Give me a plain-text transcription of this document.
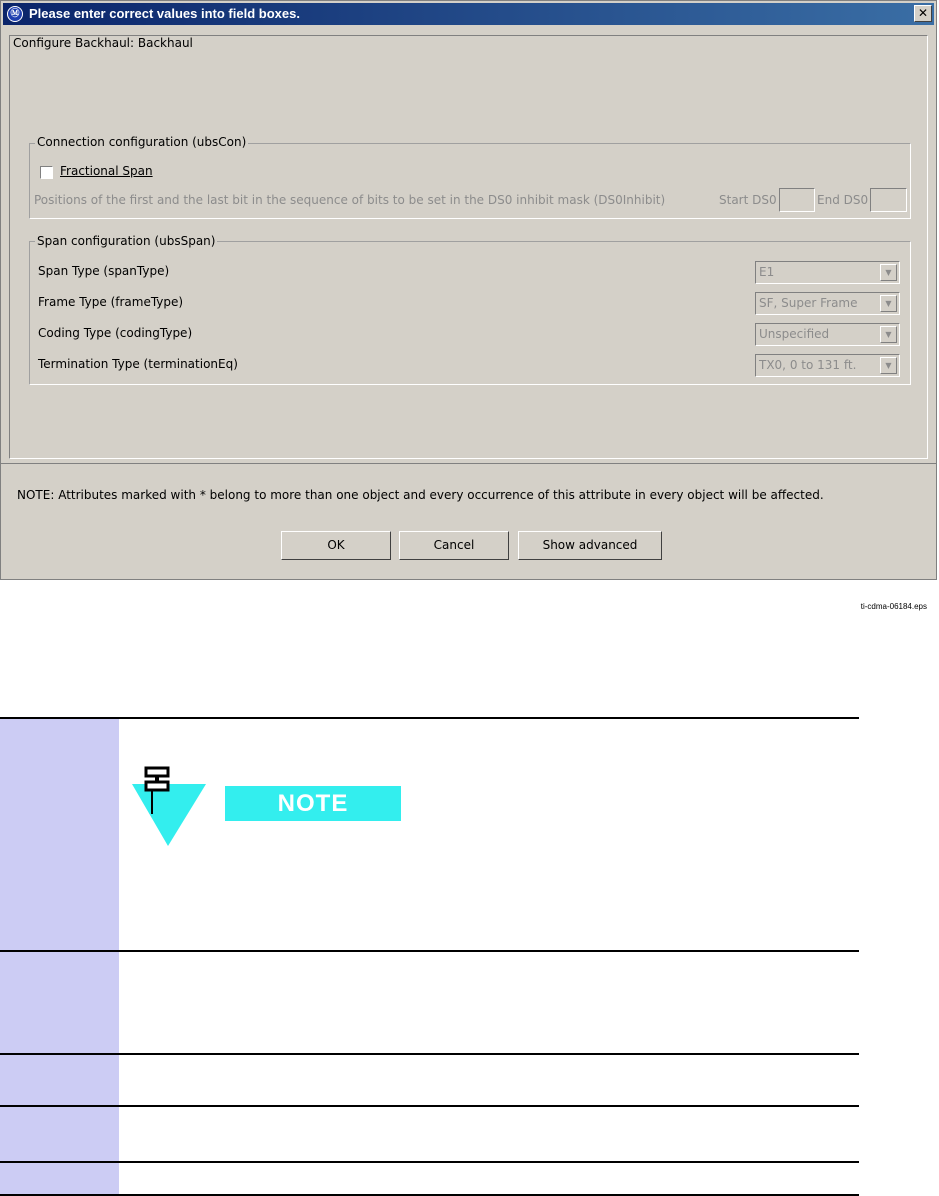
Ⓜ Please enter correct values into field boxes.	✕
Configure Backhaul: Backhaul
Connection configuration (ubsCon)
Fractional Span
Positions of the first and the last bit in the sequence of bits to be set in the DS0 inhibit mask (DS0Inhibit)	Start DS0	End DS0
Span configuration (ubsSpan)
Span Type (spanType)	E1	▼
Frame Type (frameType)	SF, Super Frame	▼
Coding Type (codingType)	Unspecified	▼
Termination Type (terminationEq)	TX0, 0 to 131 ft.	▼
NOTE: Attributes marked with * belong to more than one object and every occurrence of this attribute in every object will be affected.
OK	Cancel	Show advanced
ti-cdma-06184.eps
NOTE
